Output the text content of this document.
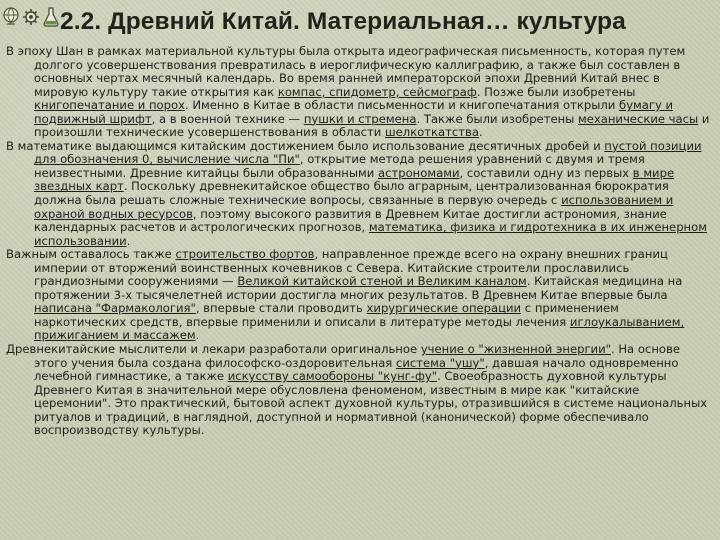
2.2. Древний Китай. Материальная… культура

В эпоху Шан в рамках материальной культуры была открыта идеографическая письменность, которая путем долгого усовершенствования превратилась в иероглифическую каллиграфию, а также был составлен в основных чертах месячный календарь. Во время ранней императорской эпохи Древний Китай внес в мировую культуру такие открытия как компас, спидометр, сейсмограф. Позже были изобретены книгопечатание и порох. Именно в Китае в области письменности и книгопечатания открыли бумагу и подвижный шрифт, а в военной технике — пушки и стремена. Также были изобретены механические часы и произошли технические усовершенствования в области шелкоткатства.

В математике выдающимся китайским достижением было использование десятичных дробей и пустой позиции для обозначения 0, вычисление числа "Пи", открытие метода решения уравнений с двумя и тремя неизвестными. Древние китайцы были образованными астрономами, составили одну из первых в мире звездных карт. Поскольку древнекитайское общество было аграрным, централизованная бюрократия должна была решать сложные технические вопросы, связанные в первую очередь с использованием и охраной водных ресурсов, поэтому высокого развития в Древнем Китае достигли астрономия, знание календарных расчетов и астрологических прогнозов, математика, физика и гидротехника в их инженерном использовании.

Важным оставалось также строительство фортов, направленное прежде всего на охрану внешних границ империи от вторжений воинственных кочевников с Севера. Китайские строители прославились грандиозными сооружениями — Великой китайской стеной и Великим каналом. Китайская медицина на протяжении 3-х тысячелетней истории достигла многих результатов. В Древнем Китае впервые была написана "Фармакология", впервые стали проводить хирургические операции с применением наркотических средств, впервые применили и описали в литературе методы лечения иглоукалыванием, прижиганием и массажем.

Древнекитайские мыслители и лекари разработали оригинальное учение о "жизненной энергии". На основе этого учения была создана философско-оздоровительная система "ушу", давшая начало одновременно лечебной гимнастике, а также искусству самообороны "кунг-фу". Своеобразность духовной культуры Древнего Китая в значительной мере обусловлена феноменом, известным в мире как "китайские церемонии". Это практический, бытовой аспект духовной культуры, отразившийся в системе национальных ритуалов и традиций, в наглядной, доступной и нормативной (канонической) форме обеспечивало воспроизводству культуры.
